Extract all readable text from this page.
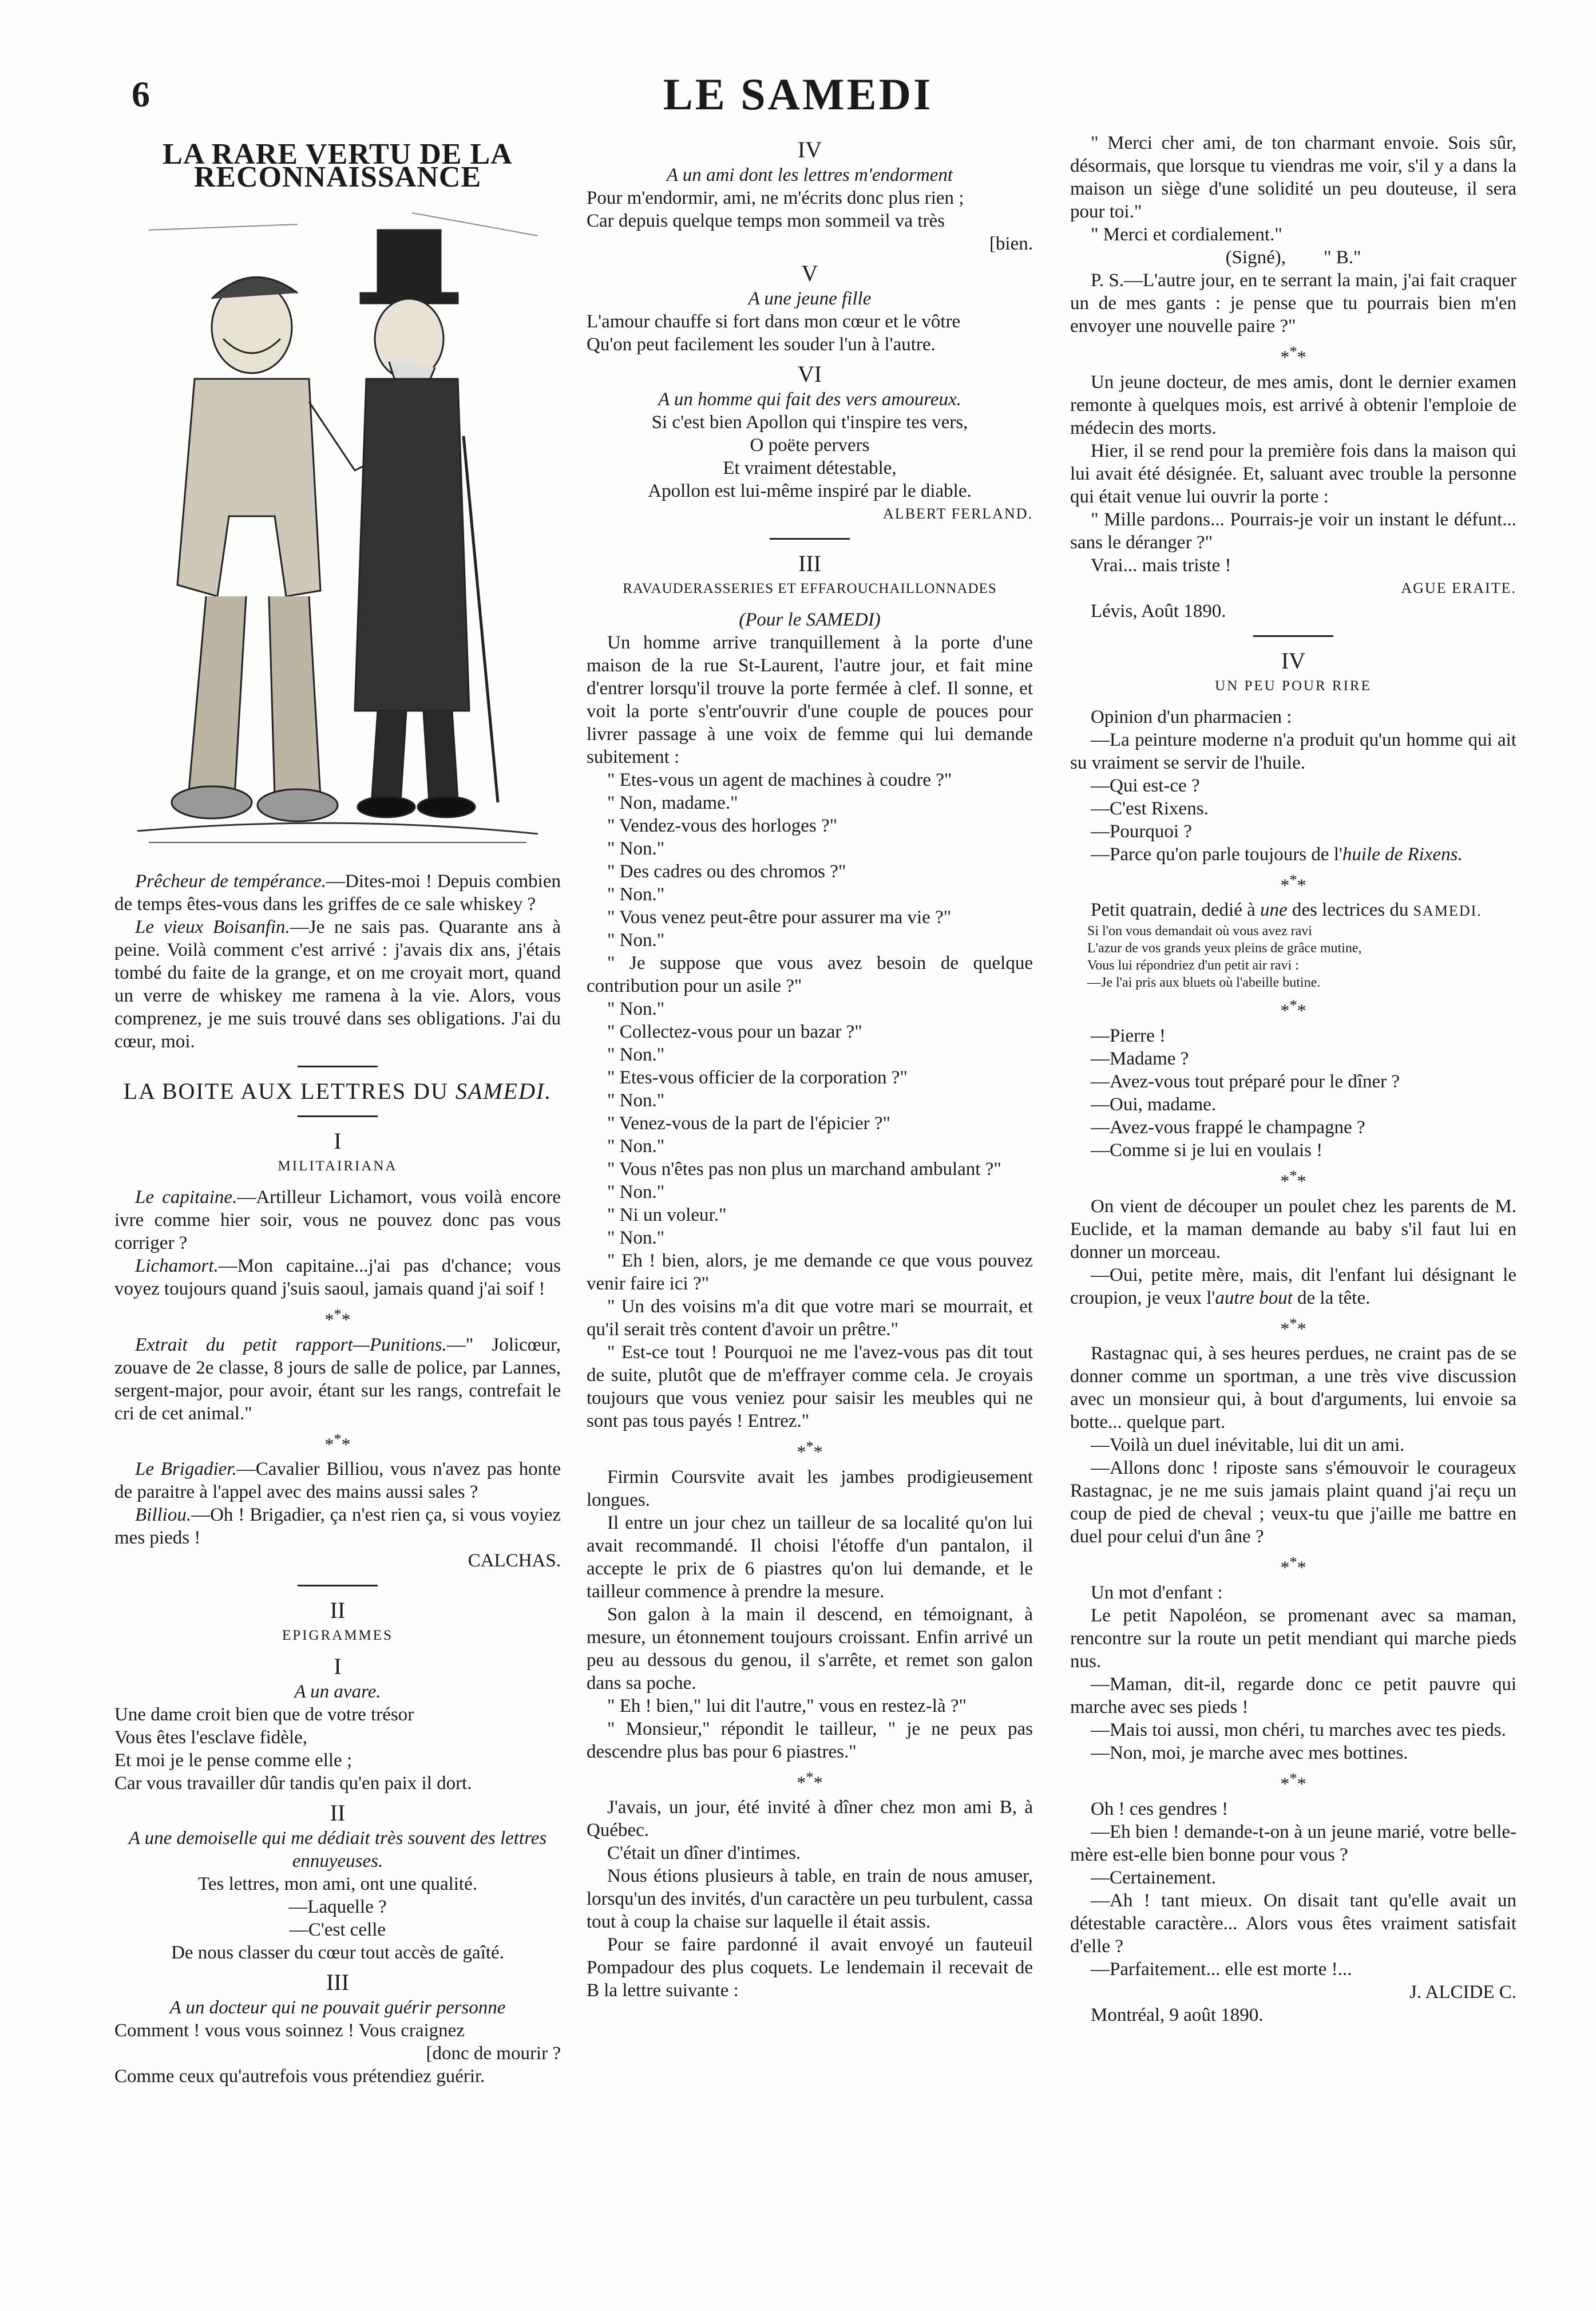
6	LE SAMEDI
LA RARE VERTU DE LA RECONNAISSANCE

Prêcheur de tempérance.—Dites-moi ! Depuis combien de temps êtes-vous dans les griffes de ce sale whiskey ?

Le vieux Boisanfin.—Je ne sais pas. Quarante ans à peine. Voilà comment c'est arrivé : j'avais dix ans, j'étais tombé du faite de la grange, et on me croyait mort, quand un verre de whiskey me ramena à la vie. Alors, vous comprenez, je me suis trouvé dans ses obligations. J'ai du cœur, moi.

LA BOITE AUX LETTRES DU SAMEDI.
I
MILITAIRIANA

Le capitaine.—Artilleur Lichamort, vous voilà encore ivre comme hier soir, vous ne pouvez donc pas vous corriger ?

Lichamort.—Mon capitaine...j'ai pas d'chance; vous voyez toujours quand j'suis saoul, jamais quand j'ai soif !

***

Extrait du petit rapport—Punitions.—" Jolicœur, zouave de 2e classe, 8 jours de salle de police, par Lannes, sergent-major, pour avoir, étant sur les rangs, contrefait le cri de cet animal."

***

Le Brigadier.—Cavalier Billiou, vous n'avez pas honte de paraitre à l'appel avec des mains aussi sales ?

Billiou.—Oh ! Brigadier, ça n'est rien ça, si vous voyiez mes pieds !

CALCHAS.

II
EPIGRAMMES
I

A un avare.

Une dame croit bien que de votre trésor

Vous êtes l'esclave fidèle,

Et moi je le pense comme elle ;

Car vous travailler dûr tandis qu'en paix il dort.

II

A une demoiselle qui me dédiait très souvent des lettres ennuyeuses.

Tes lettres, mon ami, ont une qualité.

—Laquelle ?

—C'est celle

De nous classer du cœur tout accès de gaîté.

III

A un docteur qui ne pouvait guérir personne

Comment ! vous vous soinnez ! Vous craignez

[donc de mourir ?

Comme ceux qu'autrefois vous prétendiez guérir.

IV

A un ami dont les lettres m'endorment

Pour m'endormir, ami, ne m'écrits donc plus rien ;

Car depuis quelque temps mon sommeil va très

[bien.

V

A une jeune fille

L'amour chauffe si fort dans mon cœur et le vôtre

Qu'on peut facilement les souder l'un à l'autre.

VI

A un homme qui fait des vers amoureux.

Si c'est bien Apollon qui t'inspire tes vers,

O poëte pervers

Et vraiment détestable,

Apollon est lui-même inspiré par le diable.

ALBERT FERLAND.

III
RAVAUDERASSERIES ET EFFAROUCHAILLONNADES

(Pour le SAMEDI)

Un homme arrive tranquillement à la porte d'une maison de la rue St-Laurent, l'autre jour, et fait mine d'entrer lorsqu'il trouve la porte fermée à clef. Il sonne, et voit la porte s'entr'ouvrir d'une couple de pouces pour livrer passage à une voix de femme qui lui demande subitement :

" Etes-vous un agent de machines à coudre ?"

" Non, madame."

" Vendez-vous des horloges ?"

" Non."

" Des cadres ou des chromos ?"

" Non."

" Vous venez peut-être pour assurer ma vie ?"

" Non."

" Je suppose que vous avez besoin de quelque contribution pour un asile ?"

" Non."

" Collectez-vous pour un bazar ?"

" Non."

" Etes-vous officier de la corporation ?"

" Non."

" Venez-vous de la part de l'épicier ?"

" Non."

" Vous n'êtes pas non plus un marchand ambulant ?"

" Non."

" Ni un voleur."

" Non."

" Eh ! bien, alors, je me demande ce que vous pouvez venir faire ici ?"

" Un des voisins m'a dit que votre mari se mourrait, et qu'il serait très content d'avoir un prêtre."

" Est-ce tout ! Pourquoi ne me l'avez-vous pas dit tout de suite, plutôt que de m'effrayer comme cela. Je croyais toujours que vous veniez pour saisir les meubles qui ne sont pas tous payés ! Entrez."

***

Firmin Coursvite avait les jambes prodigieusement longues.

Il entre un jour chez un tailleur de sa localité qu'on lui avait recommandé. Il choisi l'étoffe d'un pantalon, il accepte le prix de 6 piastres qu'on lui demande, et le tailleur commence à prendre la mesure.

Son galon à la main il descend, en témoignant, à mesure, un étonnement toujours croissant. Enfin arrivé un peu au dessous du genou, il s'arrête, et remet son galon dans sa poche.

" Eh ! bien," lui dit l'autre," vous en restez-là ?"

" Monsieur," répondit le tailleur, " je ne peux pas descendre plus bas pour 6 piastres."

***

J'avais, un jour, été invité à dîner chez mon ami B, à Québec.

C'était un dîner d'intimes.

Nous étions plusieurs à table, en train de nous amuser, lorsqu'un des invités, d'un caractère un peu turbulent, cassa tout à coup la chaise sur laquelle il était assis.

Pour se faire pardonné il avait envoyé un fauteuil Pompadour des plus coquets. Le lendemain il recevait de B la lettre suivante :

" Merci cher ami, de ton charmant envoie. Sois sûr, désormais, que lorsque tu viendras me voir, s'il y a dans la maison un siège d'une solidité un peu douteuse, il sera pour toi."

" Merci et cordialement."

(Signé), " B."

P. S.—L'autre jour, en te serrant la main, j'ai fait craquer un de mes gants : je pense que tu pourrais bien m'en envoyer une nouvelle paire ?"

***

Un jeune docteur, de mes amis, dont le dernier examen remonte à quelques mois, est arrivé à obtenir l'emploie de médecin des morts.

Hier, il se rend pour la première fois dans la maison qui lui avait été désignée. Et, saluant avec trouble la personne qui était venue lui ouvrir la porte :

" Mille pardons... Pourrais-je voir un instant le défunt... sans le déranger ?"

Vrai... mais triste !

AGUE ERAITE.

Lévis, Août 1890.

IV
UN PEU POUR RIRE

Opinion d'un pharmacien :

—La peinture moderne n'a produit qu'un homme qui ait su vraiment se servir de l'huile.

—Qui est-ce ?

—C'est Rixens.

—Pourquoi ?

—Parce qu'on parle toujours de l'huile de Rixens.

***

Petit quatrain, dedié à une des lectrices du SAMEDI.

Si l'on vous demandait où vous avez ravi

L'azur de vos grands yeux pleins de grâce mutine,

Vous lui répondriez d'un petit air ravi :

—Je l'ai pris aux bluets où l'abeille butine.

***

—Pierre !

—Madame ?

—Avez-vous tout préparé pour le dîner ?

—Oui, madame.

—Avez-vous frappé le champagne ?

—Comme si je lui en voulais !

***

On vient de découper un poulet chez les parents de M. Euclide, et la maman demande au baby s'il faut lui en donner un morceau.

—Oui, petite mère, mais, dit l'enfant lui désignant le croupion, je veux l'autre bout de la tête.

***

Rastagnac qui, à ses heures perdues, ne craint pas de se donner comme un sportman, a une très vive discussion avec un monsieur qui, à bout d'arguments, lui envoie sa botte... quelque part.

—Voilà un duel inévitable, lui dit un ami.

—Allons donc ! riposte sans s'émouvoir le courageux Rastagnac, je ne me suis jamais plaint quand j'ai reçu un coup de pied de cheval ; veux-tu que j'aille me battre en duel pour celui d'un âne ?

***

Un mot d'enfant :

Le petit Napoléon, se promenant avec sa maman, rencontre sur la route un petit mendiant qui marche pieds nus.

—Maman, dit-il, regarde donc ce petit pauvre qui marche avec ses pieds !

—Mais toi aussi, mon chéri, tu marches avec tes pieds.

—Non, moi, je marche avec mes bottines.

***

Oh ! ces gendres !

—Eh bien ! demande-t-on à un jeune marié, votre belle-mère est-elle bien bonne pour vous ?

—Certainement.

—Ah ! tant mieux. On disait tant qu'elle avait un détestable caractère... Alors vous êtes vraiment satisfait d'elle ?

—Parfaitement... elle est morte !...

J. ALCIDE C.

Montréal, 9 août 1890.
